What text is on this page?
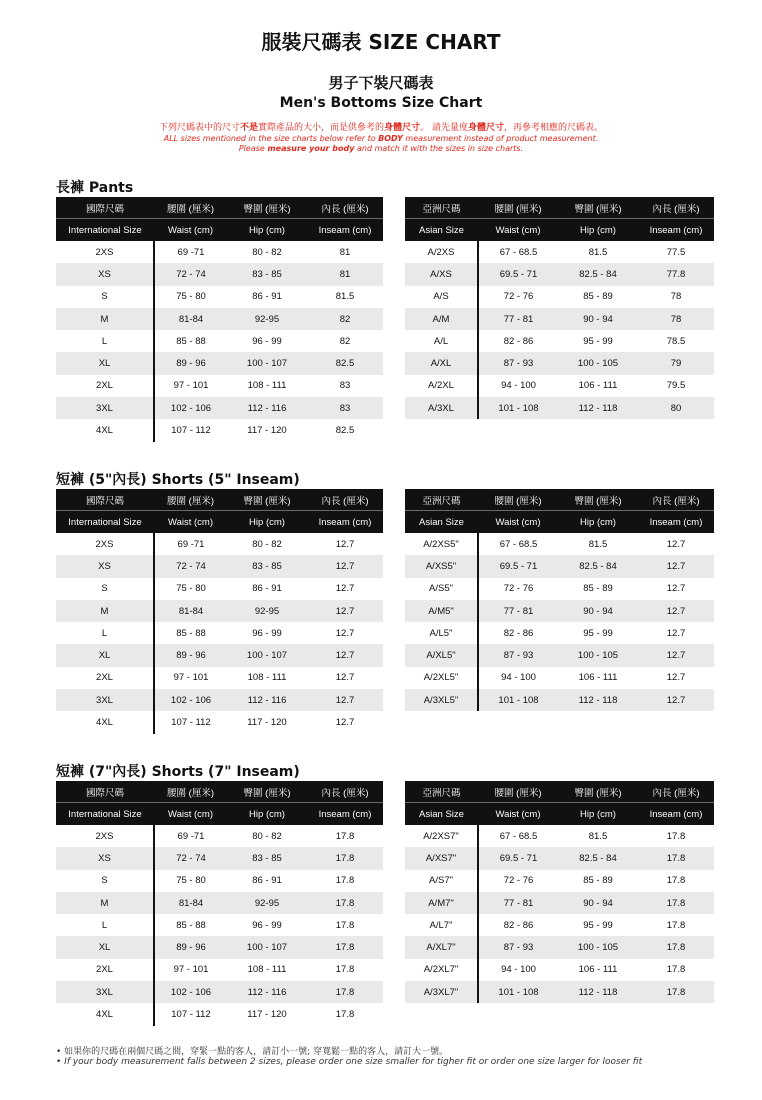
服裝尺碼表 SIZE CHART
男子下裝尺碼表
Men's Bottoms Size Chart
下列尺碼表中的尺寸不是實際產品的大小，而是供參考的身體尺寸。 請先量度身體尺寸，再參考相應的尺碼表。
ALL sizes mentioned in the size charts below refer to BODY measurement instead of product measurement.
Please measure your body and match it with the sizes in size charts.
長褲 Pants
國際尺碼	腰圍 (厘米)	臀圍 (厘米)	內長 (厘米)
International Size	Waist (cm)	Hip (cm)	Inseam (cm)
2XS	69 -71	80 - 82	81
XS	72 - 74	83 - 85	81
S	75 - 80	86 - 91	81.5
M	81-84	92-95	82
L	85 - 88	96 - 99	82
XL	89 - 96	100 - 107	82.5
2XL	97 - 101	108 - 111	83
3XL	102 - 106	112 - 116	83
4XL	107 - 112	117 - 120	82.5
亞洲尺碼	腰圍 (厘米)	臀圍 (厘米)	內長 (厘米)
Asian Size	Waist (cm)	Hip (cm)	Inseam (cm)
A/2XS	67 - 68.5	81.5	77.5
A/XS	69.5 - 71	82.5 - 84	77.8
A/S	72 - 76	85 - 89	78
A/M	77 - 81	90 - 94	78
A/L	82 - 86	95 - 99	78.5
A/XL	87 - 93	100 - 105	79
A/2XL	94 - 100	106 - 111	79.5
A/3XL	101 - 108	112 - 118	80
短褲 (5"內長) Shorts (5" Inseam)
國際尺碼	腰圍 (厘米)	臀圍 (厘米)	內長 (厘米)
International Size	Waist (cm)	Hip (cm)	Inseam (cm)
2XS	69 -71	80 - 82	12.7
XS	72 - 74	83 - 85	12.7
S	75 - 80	86 - 91	12.7
M	81-84	92-95	12.7
L	85 - 88	96 - 99	12.7
XL	89 - 96	100 - 107	12.7
2XL	97 - 101	108 - 111	12.7
3XL	102 - 106	112 - 116	12.7
4XL	107 - 112	117 - 120	12.7
亞洲尺碼	腰圍 (厘米)	臀圍 (厘米)	內長 (厘米)
Asian Size	Waist (cm)	Hip (cm)	Inseam (cm)
A/2XS5"	67 - 68.5	81.5	12.7
A/XS5"	69.5 - 71	82.5 - 84	12.7
A/S5"	72 - 76	85 - 89	12.7
A/M5"	77 - 81	90 - 94	12.7
A/L5"	82 - 86	95 - 99	12.7
A/XL5"	87 - 93	100 - 105	12.7
A/2XL5"	94 - 100	106 - 111	12.7
A/3XL5"	101 - 108	112 - 118	12.7
短褲 (7"內長) Shorts (7" Inseam)
國際尺碼	腰圍 (厘米)	臀圍 (厘米)	內長 (厘米)
International Size	Waist (cm)	Hip (cm)	Inseam (cm)
2XS	69 -71	80 - 82	17.8
XS	72 - 74	83 - 85	17.8
S	75 - 80	86 - 91	17.8
M	81-84	92-95	17.8
L	85 - 88	96 - 99	17.8
XL	89 - 96	100 - 107	17.8
2XL	97 - 101	108 - 111	17.8
3XL	102 - 106	112 - 116	17.8
4XL	107 - 112	117 - 120	17.8
亞洲尺碼	腰圍 (厘米)	臀圍 (厘米)	內長 (厘米)
Asian Size	Waist (cm)	Hip (cm)	Inseam (cm)
A/2XS7"	67 - 68.5	81.5	17.8
A/XS7"	69.5 - 71	82.5 - 84	17.8
A/S7"	72 - 76	85 - 89	17.8
A/M7"	77 - 81	90 - 94	17.8
A/L7"	82 - 86	95 - 99	17.8
A/XL7"	87 - 93	100 - 105	17.8
A/2XL7"	94 - 100	106 - 111	17.8
A/3XL7"	101 - 108	112 - 118	17.8
• 如果你的尺碼在兩個尺碼之間，穿緊一點的客人，請訂小一號; 穿寬鬆一點的客人，請訂大一號。
• If your body measurement falls between 2 sizes, please order one size smaller for tigher fit or order one size larger for looser fit
